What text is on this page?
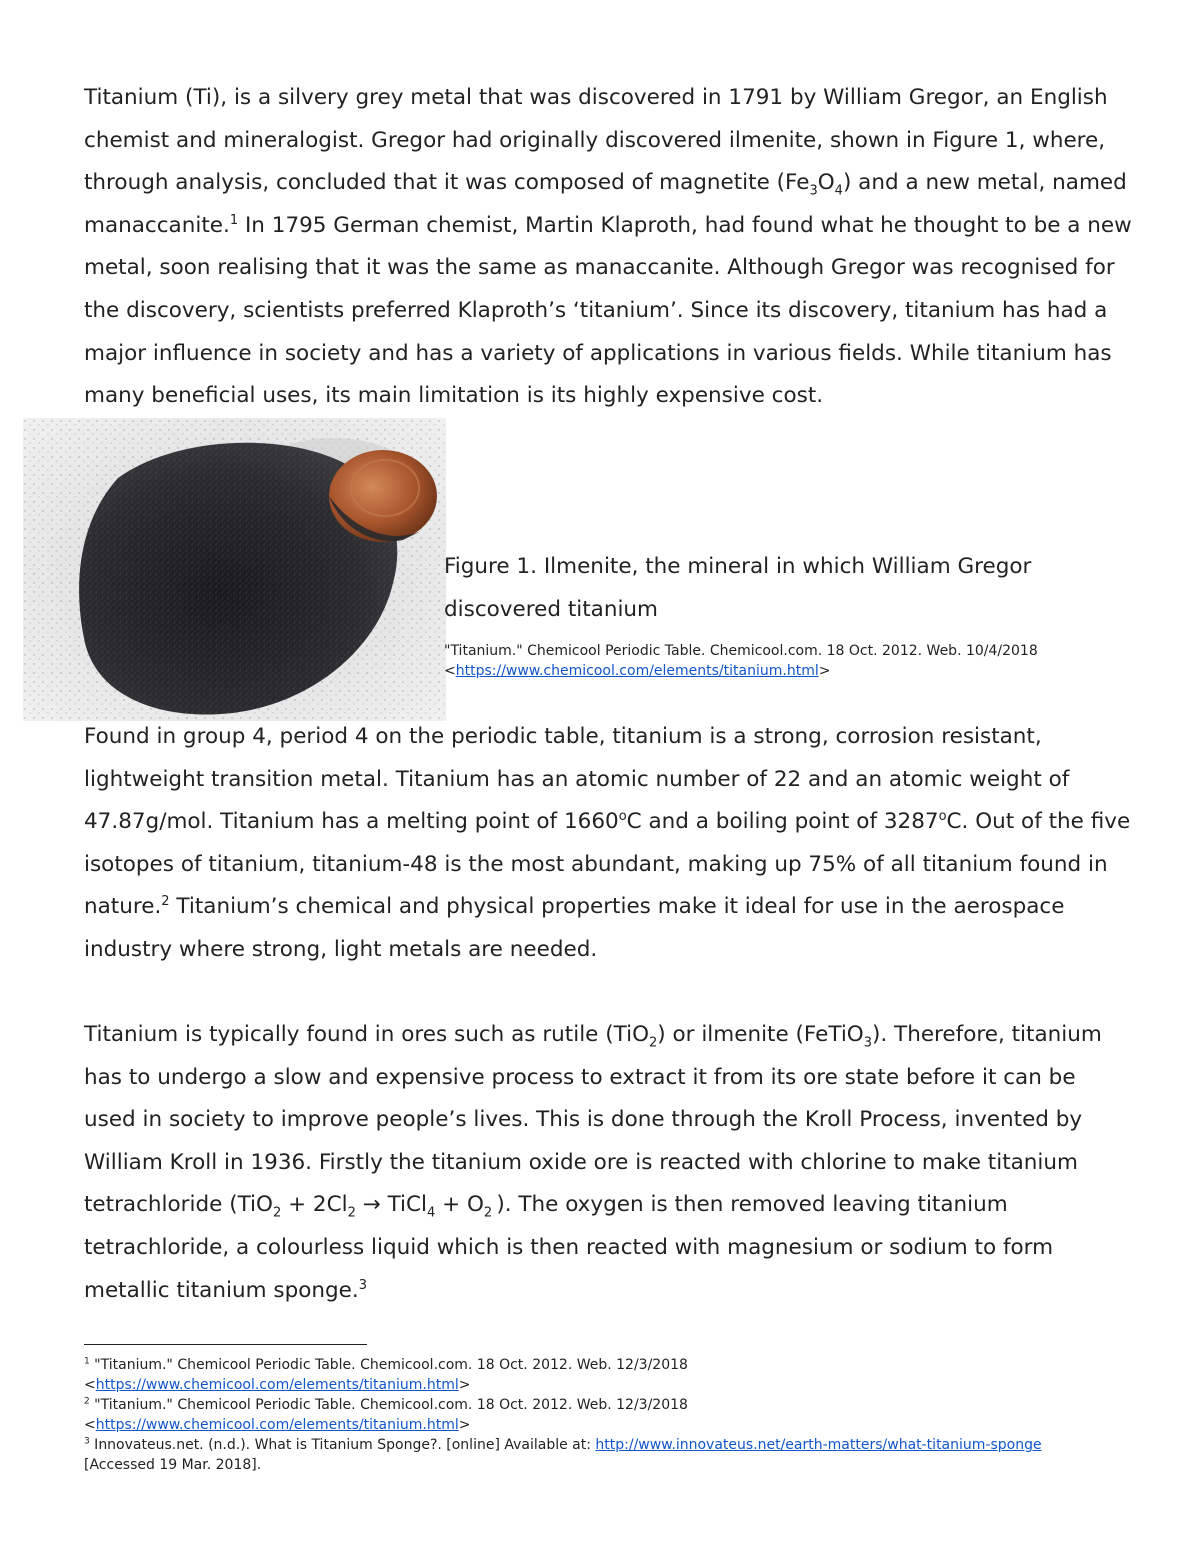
Titanium (Ti), is a silvery grey metal that was discovered in 1791 by William Gregor, an English chemist and mineralogist. Gregor had originally discovered ilmenite, shown in Figure 1, where, through analysis, concluded that it was composed of magnetite $(Fe_3O_4)$ and a new metal, named manaccanite.$^1$ In 1795 German chemist, Martin Klaproth, had found what he thought to be a new metal, soon realising that it was the same as manaccanite. Although Gregor was recognised for the discovery, scientists preferred Klaproth’s ‘titanium’. Since its discovery, titanium has had a major influence in society and has a variety of applications in various fields. While titanium has many beneficial uses, its main limitation is its highly expensive cost.

Figure 1. Ilmenite, the mineral in which William Gregor discovered titanium

"Titanium." Chemicool Periodic Table. Chemicool.com. 18 Oct. 2012. Web. 10/4/2018
<https://www.chemicool.com/elements/titanium.html>

Found in group 4, period 4 on the periodic table, titanium is a strong, corrosion resistant, lightweight transition metal. Titanium has an atomic number of 22 and an atomic weight of 47.87g/mol. Titanium has a melting point of 1660$^o$C and a boiling point of 3287$^o$C. Out of the five isotopes of titanium, titanium-48 is the most abundant, making up 75% of all titanium found in nature.$^2$ Titanium’s chemical and physical properties make it ideal for use in the aerospace industry where strong, light metals are needed.

Titanium is typically found in ores such as rutile (TiO$_2$) or ilmenite (FeTiO$_3$). Therefore, titanium has to undergo a slow and expensive process to extract it from its ore state before it can be used in society to improve people’s lives. This is done through the Kroll Process, invented by William Kroll in 1936. Firstly the titanium oxide ore is reacted with chlorine to make titanium tetrachloride ($TiO_2 + 2Cl_2$ → TiCl$_4$ + $O_2$ ). The oxygen is then removed leaving titanium tetrachloride, a colourless liquid which is then reacted with magnesium or sodium to form metallic titanium sponge.$^3$

$^1$ "Titanium." Chemicool Periodic Table. Chemicool.com. 18 Oct. 2012. Web. 12/3/2018
<https://www.chemicool.com/elements/titanium.html>
$^2$ "Titanium." Chemicool Periodic Table. Chemicool.com. 18 Oct. 2012. Web. 12/3/2018
<https://www.chemicool.com/elements/titanium.html>
$^3$ Innovateus.net. (n.d.). What is Titanium Sponge?. [online] Available at: http://www.innovateus.net/earth-matters/what-titanium-sponge
[Accessed 19 Mar. 2018].
